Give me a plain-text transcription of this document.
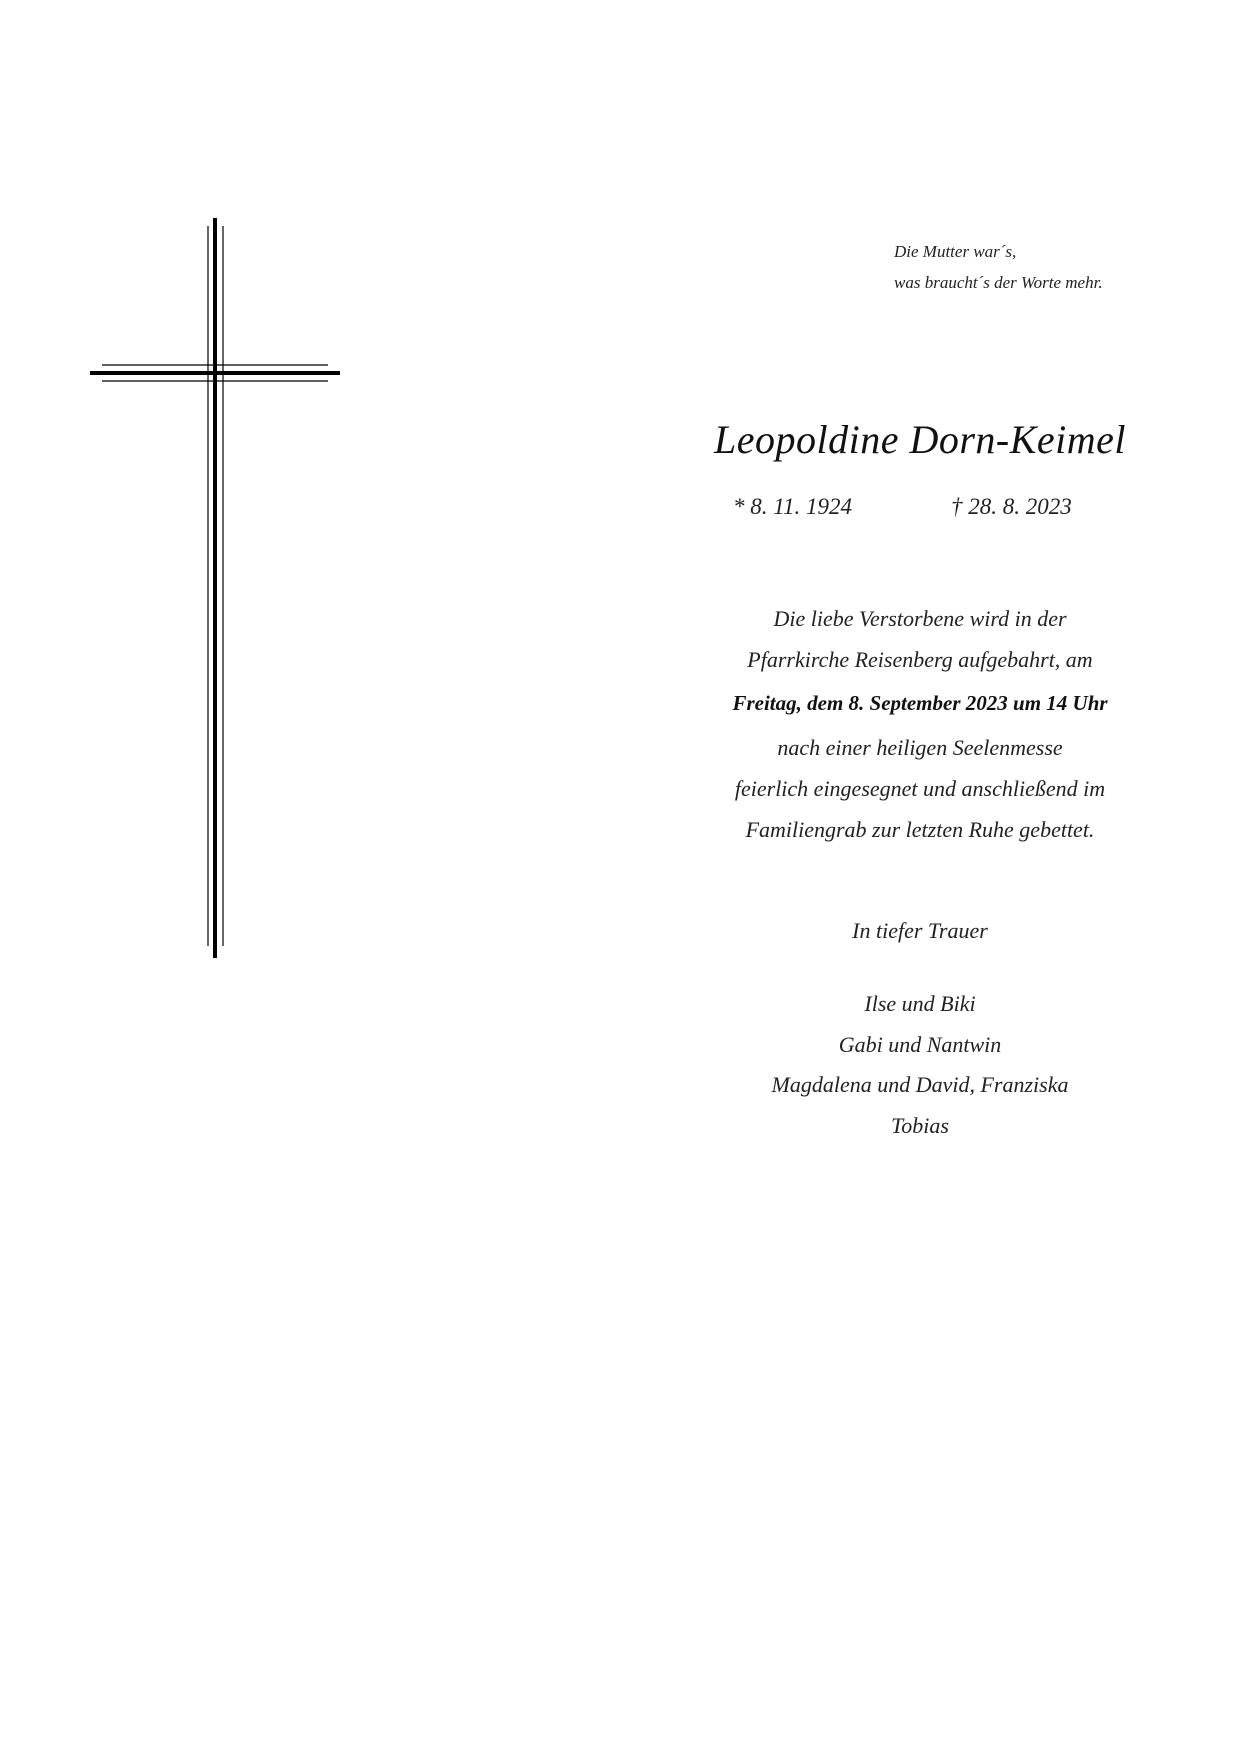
Die Mutter war´s,
was braucht´s der Worte mehr.
Leopoldine Dorn-Keimel
* 8. 11. 1924	† 28. 8. 2023
Die liebe Verstorbene wird in der
Pfarrkirche Reisenberg aufgebahrt, am
Freitag, dem 8. September 2023 um 14 Uhr
nach einer heiligen Seelenmesse
feierlich eingesegnet und anschließend im
Familiengrab zur letzten Ruhe gebettet.
In tiefer Trauer
Ilse und Biki
Gabi und Nantwin
Magdalena und David, Franziska
Tobias
